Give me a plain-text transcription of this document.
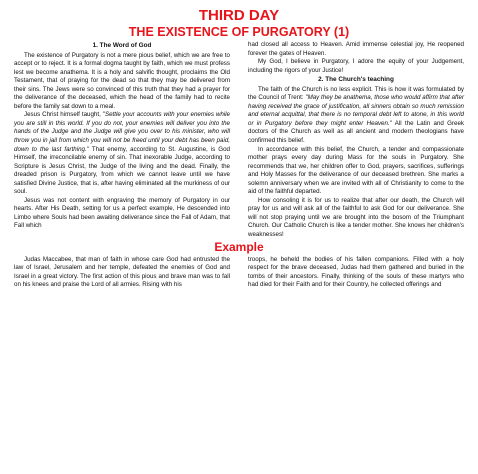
THIRD DAY
THE EXISTENCE OF PURGATORY (1)
1. The Word of God

The existence of Purgatory is not a mere pious belief, which we are free to accept or to reject. It is a formal dogma taught by faith, which we must profess lest we become anathema. It is a holy and salvific thought, proclaims the Old Testament, that of praying for the dead so that they may be delivered from their sins. The Jews were so convinced of this truth that they had a prayer for the deliverance of the deceased, which the head of the family had to recite before the family sat down to a meal.

Jesus Christ himself taught, "Settle your accounts with your enemies while you are still in this world. If you do not, your enemies will deliver you into the hands of the Judge and the Judge will give you over to his minister, who will throw you in jail from which you will not be freed until your debt has been paid, down to the last farthing." That enemy, according to St. Augustine, is God Himself, the irreconcilable enemy of sin. That inexorable Judge, according to Scripture is Jesus Christ, the Judge of the living and the dead. Finally, the dreaded prison is Purgatory, from which we cannot leave until we have satisfied Divine Justice, that is, after having eliminated all the murkiness of our soul.

Jesus was not content with engraving the memory of Purgatory in our hearts. After His Death, setting for us a perfect example, He descended into Limbo where Souls had been awaiting deliverance since the Fall of Adam, that Fall which

had closed all access to Heaven. Amid immense celestial joy, He reopened forever the gates of Heaven.

My God, I believe in Purgatory, I adore the equity of your Judgement, including the rigors of your Justice!

2. The Church's teaching

The faith of the Church is no less explicit. This is how it was formulated by the Council of Trent: "May they be anathema, those who would affirm that after having received the grace of justification, all sinners obtain so much remission and eternal acquittal, that there is no temporal debt left to atone, in this world or in Purgatory before they might enter Heaven." All the Latin and Greek doctors of the Church as well as all ancient and modern theologians have confirmed this belief.

In accordance with this belief, the Church, a tender and compassionate mother prays every day during Mass for the souls in Purgatory. She recommends that we, her children offer to God, prayers, sacrifices, sufferings and Holy Masses for the deliverance of our deceased brethren. She marks a solemn anniversary when we are invited with all of Christianity to come to the aid of the faithful departed.

How consoling it is for us to realize that after our death, the Church will pray for us and will ask all of the faithful to ask God for our deliverance. She will not stop praying until we are brought into the bosom of the Triumphant Church. Our Catholic Church is like a tender mother. She knows her children's weaknesses!

Example

Judas Maccabee, that man of faith in whose care God had entrusted the law of Israel, Jerusalem and her temple, defeated the enemies of God and Israel in a great victory. The first action of this pious and brave man was to fall on his knees and praise the Lord of all armies. Rising with his

troops, he beheld the bodies of his fallen companions. Filled with a holy respect for the brave deceased, Judas had them gathered and buried in the tombs of their ancestors. Finally, thinking of the souls of these martyrs who had died for their Faith and for their Country, he collected offerings and
